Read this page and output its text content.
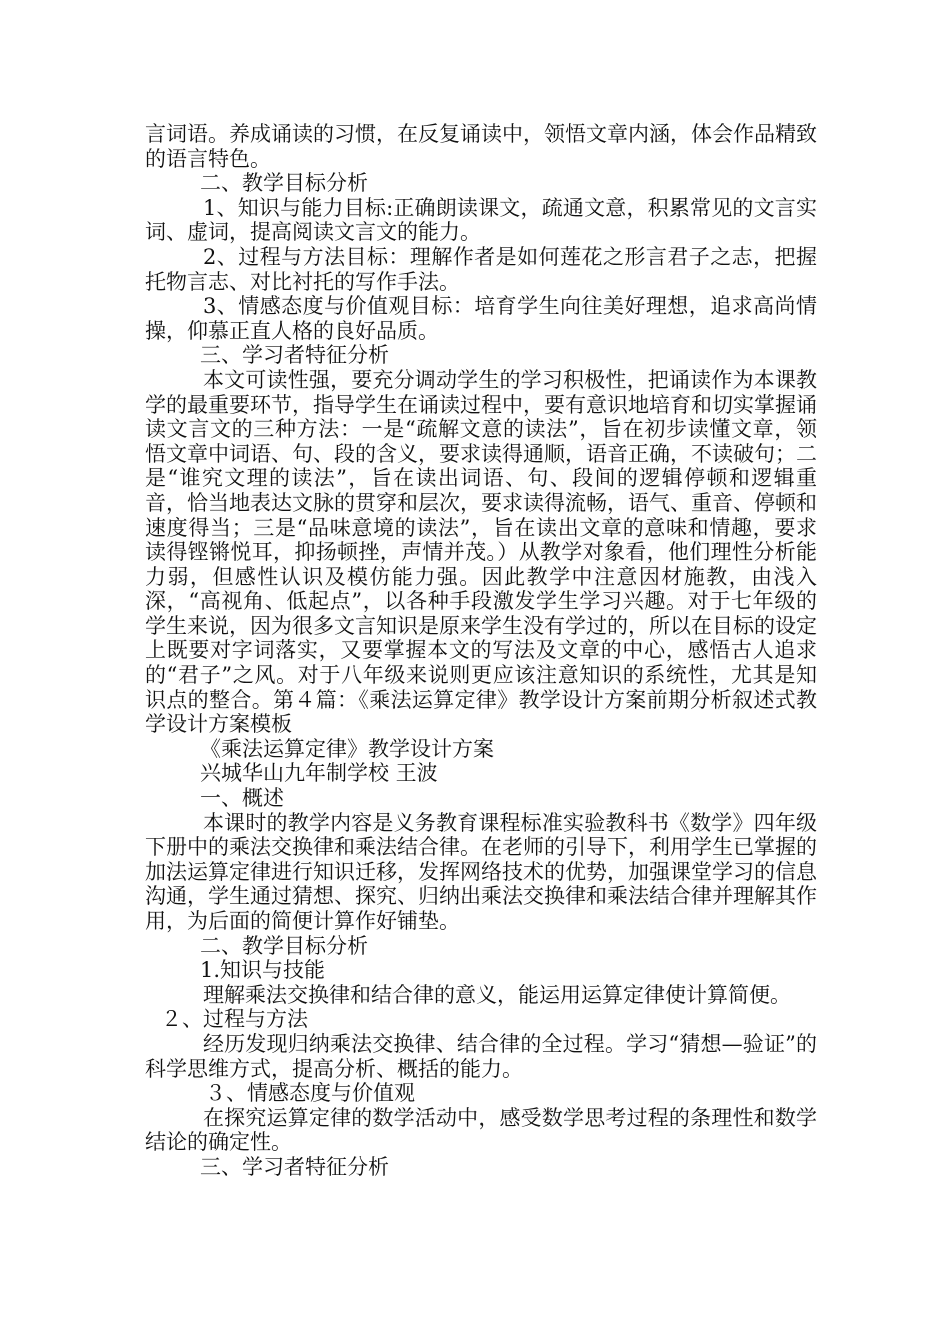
言词语。养成诵读的习惯，在反复诵读中，领悟文章内涵，体会作品精致的语言特色。

二、教学目标分析

1、知识与能力目标:正确朗读课文，疏通文意，积累常见的文言实词、虚词，提高阅读文言文的能力。

2、过程与方法目标：理解作者是如何莲花之形言君子之志，把握托物言志、对比衬托的写作手法。

3、情感态度与价值观目标：培育学生向往美好理想，追求高尚情操，仰慕正直人格的良好品质。

三、学习者特征分析

本文可读性强，要充分调动学生的学习积极性，把诵读作为本课教学的最重要环节，指导学生在诵读过程中，要有意识地培育和切实掌握诵读文言文的三种方法：一是“疏解文意的读法”，旨在初步读懂文章，领悟文章中词语、句、段的含义，要求读得通顺，语音正确，不读破句；二是“谁究文理的读法”，旨在读出词语、句、段间的逻辑停顿和逻辑重音，恰当地表达文脉的贯穿和层次，要求读得流畅，语气、重音、停顿和速度得当；三是“品味意境的读法”，旨在读出文章的意味和情趣，要求读得铿锵悦耳，抑扬顿挫，声情并茂。）从教学对象看，他们理性分析能力弱，但感性认识及模仿能力强。因此教学中注意因材施教，由浅入深，“高视角、低起点”，以各种手段激发学生学习兴趣。对于七年级的学生来说，因为很多文言知识是原来学生没有学过的，所以在目标的设定上既要对字词落实，又要掌握本文的写法及文章的中心，感悟古人追求的“君子”之风。对于八年级来说则更应该注意知识的系统性，尤其是知识点的整合。第４篇：《乘法运算定律》教学设计方案前期分析叙述式教学设计方案模板

《乘法运算定律》教学设计方案

兴城华山九年制学校 王波

一、概述

本课时的教学内容是义务教育课程标准实验教科书《数学》四年级下册中的乘法交换律和乘法结合律。在老师的引导下，利用学生已掌握的加法运算定律进行知识迁移，发挥网络技术的优势，加强课堂学习的信息沟通，学生通过猜想、探究、归纳出乘法交换律和乘法结合律并理解其作用，为后面的简便计算作好铺垫。

二、教学目标分析

1.知识与技能

理解乘法交换律和结合律的意义，能运用运算定律使计算简便。

２、过程与方法

经历发现归纳乘法交换律、结合律的全过程。学习“猜想—验证”的科学思维方式，提高分析、概括的能力。

３、情感态度与价值观

在探究运算定律的数学活动中，感受数学思考过程的条理性和数学结论的确定性。

三、学习者特征分析
